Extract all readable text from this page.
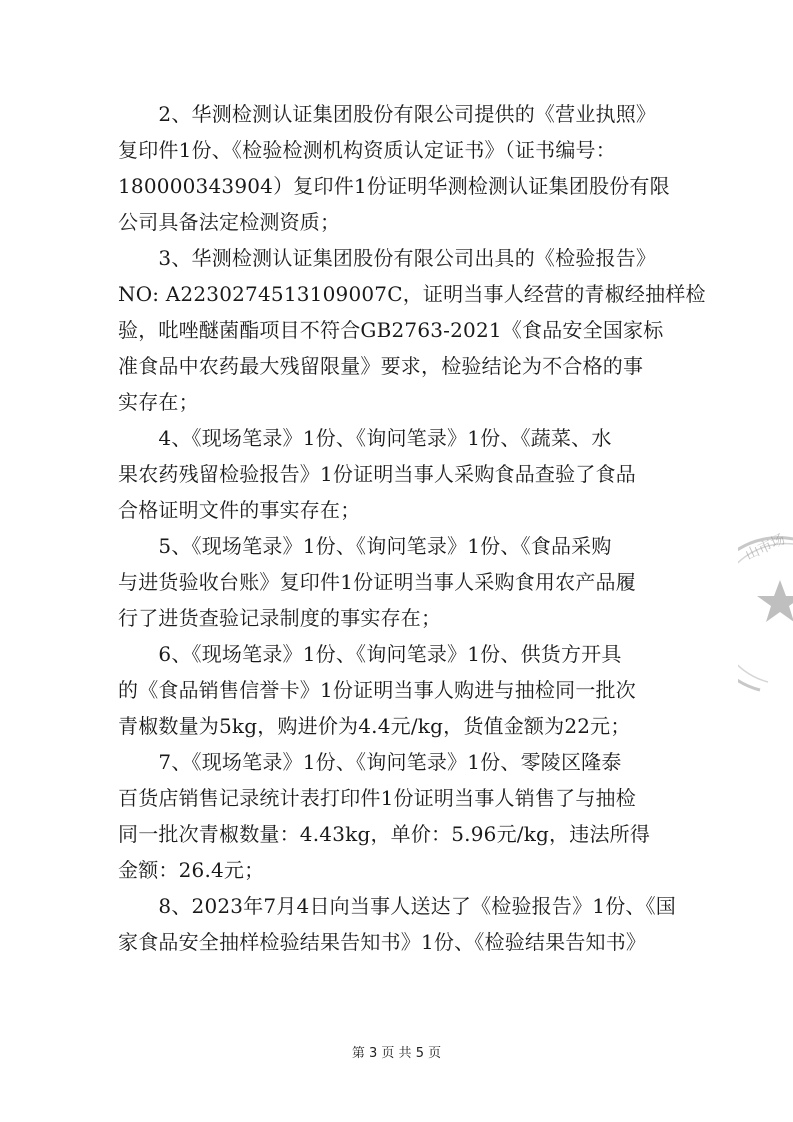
　　2、华测检测认证集团股份有限公司提供的《营业执照》
复印件1份、《检验检测机构资质认定证书》（证书编号：
180000343904）复印件1份证明华测检测认证集团股份有限
公司具备法定检测资质；
　　3、华测检测认证集团股份有限公司出具的《检验报告》
NO: A2230274513109007C，证明当事人经营的青椒经抽样检
验，吡唑醚菌酯项目不符合GB2763-2021《食品安全国家标
准食品中农药最大残留限量》要求，检验结论为不合格的事
实存在；
　　4、《现场笔录》1份、《询问笔录》1份、《蔬菜、水
果农药残留检验报告》1份证明当事人采购食品查验了食品
合格证明文件的事实存在；
　　5、《现场笔录》1份、《询问笔录》1份、《食品采购
与进货验收台账》复印件1份证明当事人采购食用农产品履
行了进货查验记录制度的事实存在；
　　6、《现场笔录》1份、《询问笔录》1份、供货方开具
的《食品销售信誉卡》1份证明当事人购进与抽检同一批次
青椒数量为5kg，购进价为4.4元/kg，货值金额为22元；
　　7、《现场笔录》1份、《询问笔录》1份、零陵区隆泰
百货店销售记录统计表打印件1份证明当事人销售了与抽检
同一批次青椒数量：4.43kg，单价：5.96元/kg，违法所得
金额：26.4元；
　　8、2023年7月4日向当事人送达了《检验报告》1份、《国
家食品安全抽样检验结果告知书》1份、《检验结果告知书》
山市场
第 3 页 共 5 页
